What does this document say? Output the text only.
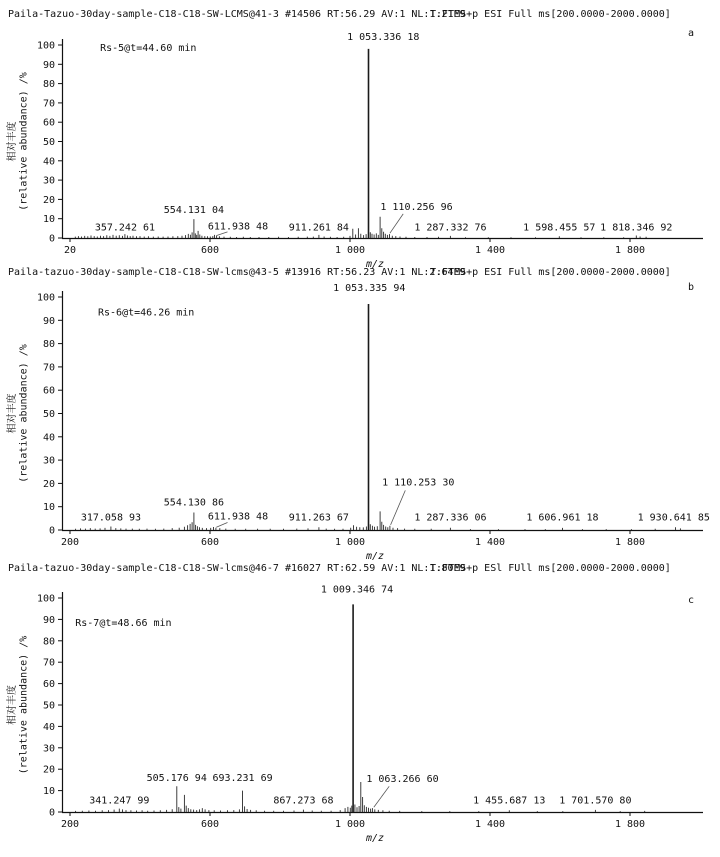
Paila-Tazuo-30day-sample-C18-C18-SW-LCMS@41-3 #14506 RT:56.29 AV:1 NL:1.21E9
T:FTMS+p ESI Full ms[200.0000-2000.0000]
0
10
20
30
40
50
60
70
80
90
100
20	600	1 000	1 400	1 800
m/z
相对丰度(relative abundance) /%
357.242 61
554.131 04
611.938 48 911.261 84
1 053.336 18
1 110.256 96
1 287.332 76	1 598.455 57 1 818.346 92
Rs-5@t=44.60 min
a
Paila-tazuo-30day-sample-C18-C18-SW-lcms@43-5 #13916 RT:56.23 AV:1 NL:2.64E9
T:FTMS+p ESI Full ms[200.0000-2000.0000]
0
10
20
30
40
50
60
70
80
90
100
200	600	1 000	1 400	1 800
m/z
相对丰度(relative abundance) /%
317.058 93
554.130 86
611.938 48 911.263 67
1 053.335 94
1 110.253 30
1 287.336 06	1 606.961 18	1 930.641 85
Rs-6@t=46.26 min
b
Paila-tazuo-30day-sample-C18-C18-SW-lcms@46-7 #16027 RT:62.59 AV:1 NL:1.80E9
T:FTMS+p ESl FUll ms[200.0000-2000.0000]
0
10
20
30
40
50
60
70
80
90
100
200	600	1 000	1 400	1 800
m/z
相对丰度(relative abundance) /%
341.247 99
505.176 94 693.231 69
867.273 68
1 009.346 74
1 063.266 60
1 455.687 13 1 701.570 80
Rs-7@t=48.66 min
c
